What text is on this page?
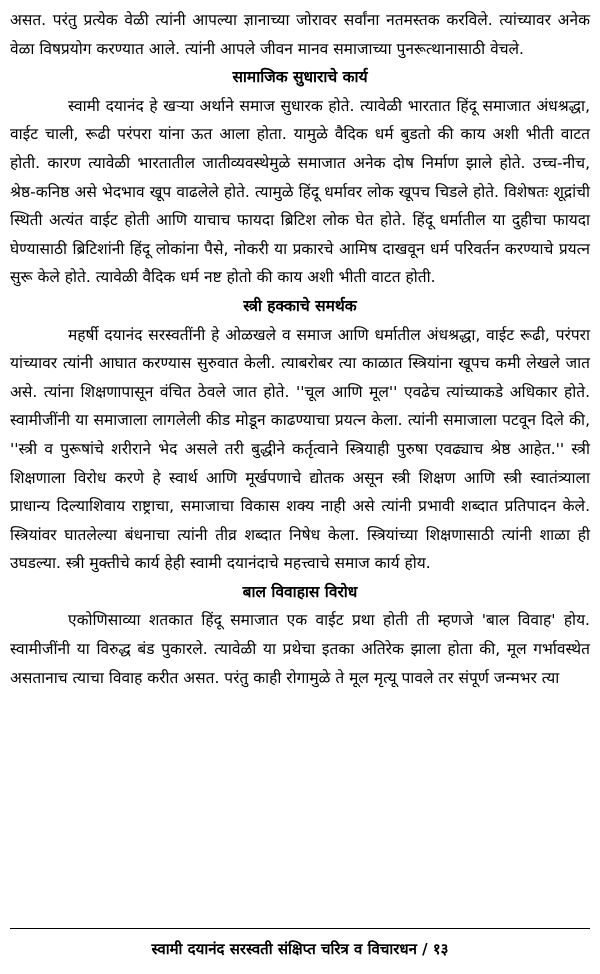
असत. परंतु प्रत्येक वेळी त्यांनी आपल्या ज्ञानाच्या जोरावर सर्वांना नतमस्तक करविले. त्यांच्यावर अनेक वेळा विषप्रयोग करण्यात आले. त्यांनी आपले जीवन मानव समाजाच्या पुनरूत्थानासाठी वेचले.

सामाजिक सुधाराचे कार्य

स्वामी दयानंद हे खऱ्या अर्थाने समाज सुधारक होते. त्यावेळी भारतात हिंदू समाजात अंधश्रद्धा, वाईट चाली, रूढी परंपरा यांना ऊत आला होता. यामुळे वैदिक धर्म बुडतो की काय अशी भीती वाटत होती. कारण त्यावेळी भारतातील जातीव्यवस्थेमुळे समाजात अनेक दोष निर्माण झाले होते. उच्च-नीच, श्रेष्ठ-कनिष्ठ असे भेदभाव खूप वाढलेले होते. त्यामुळे हिंदू धर्मावर लोक खूपच चिडले होते. विशेषतः शूद्रांची स्थिती अत्यंत वाईट होती आणि याचाच फायदा ब्रिटिश लोक घेत होते. हिंदू धर्मातील या दुहीचा फायदा घेण्यासाठी ब्रिटिशांनी हिंदू लोकांना पैसे, नोकरी या प्रकारचे आमिष दाखवून धर्म परिवर्तन करण्याचे प्रयत्न सुरू केले होते. त्यावेळी वैदिक धर्म नष्ट होतो की काय अशी भीती वाटत होती.

स्त्री हक्काचे समर्थक

महर्षी दयानंद सरस्वतींनी हे ओळखले व समाज आणि धर्मातील अंधश्रद्धा, वाईट रूढी, परंपरा यांच्यावर त्यांनी आघात करण्यास सुरुवात केली. त्याबरोबर त्या काळात स्त्रियांना खूपच कमी लेखले जात असे. त्यांना शिक्षणापासून वंचित ठेवले जात होते. ''चूल आणि मूल'' एवढेच त्यांच्याकडे अधिकार होते. स्वामीजींनी या समाजाला लागलेली कीड मोडून काढण्याचा प्रयत्न केला. त्यांनी समाजाला पटवून दिले की, ''स्त्री व पुरूषांचे शरीराने भेद असले तरी बुद्धीने कर्तृत्वाने स्त्रियाही पुरुषा एवढ्याच श्रेष्ठ आहेत.'' स्त्री शिक्षणाला विरोध करणे हे स्वार्थ आणि मूर्खपणाचे द्योतक असून स्त्री शिक्षण आणि स्त्री स्वातंत्र्याला प्राधान्य दिल्याशिवाय राष्ट्राचा, समाजाचा विकास शक्य नाही असे त्यांनी प्रभावी शब्दात प्रतिपादन केले. स्त्रियांवर घातलेल्या बंधनाचा त्यांनी तीव्र शब्दात निषेध केला. स्त्रियांच्या शिक्षणासाठी त्यांनी शाळा ही उघडल्या. स्त्री मुक्तीचे कार्य हेही स्वामी दयानंदाचे महत्त्वाचे समाज कार्य होय.

बाल विवाहास विरोध

एकोणिसाव्या शतकात हिंदू समाजात एक वाईट प्रथा होती ती म्हणजे 'बाल विवाह' होय. स्वामीजींनी या विरुद्ध बंड पुकारले. त्यावेळी या प्रथेचा इतका अतिरेक झाला होता की, मूल गर्भावस्थेत असतानाच त्याचा विवाह करीत असत. परंतु काही रोगामुळे ते मूल मृत्यू पावले तर संपूर्ण जन्मभर त्या

स्वामी दयानंद सरस्वती संक्षिप्त चरित्र व विचारधन / १३
